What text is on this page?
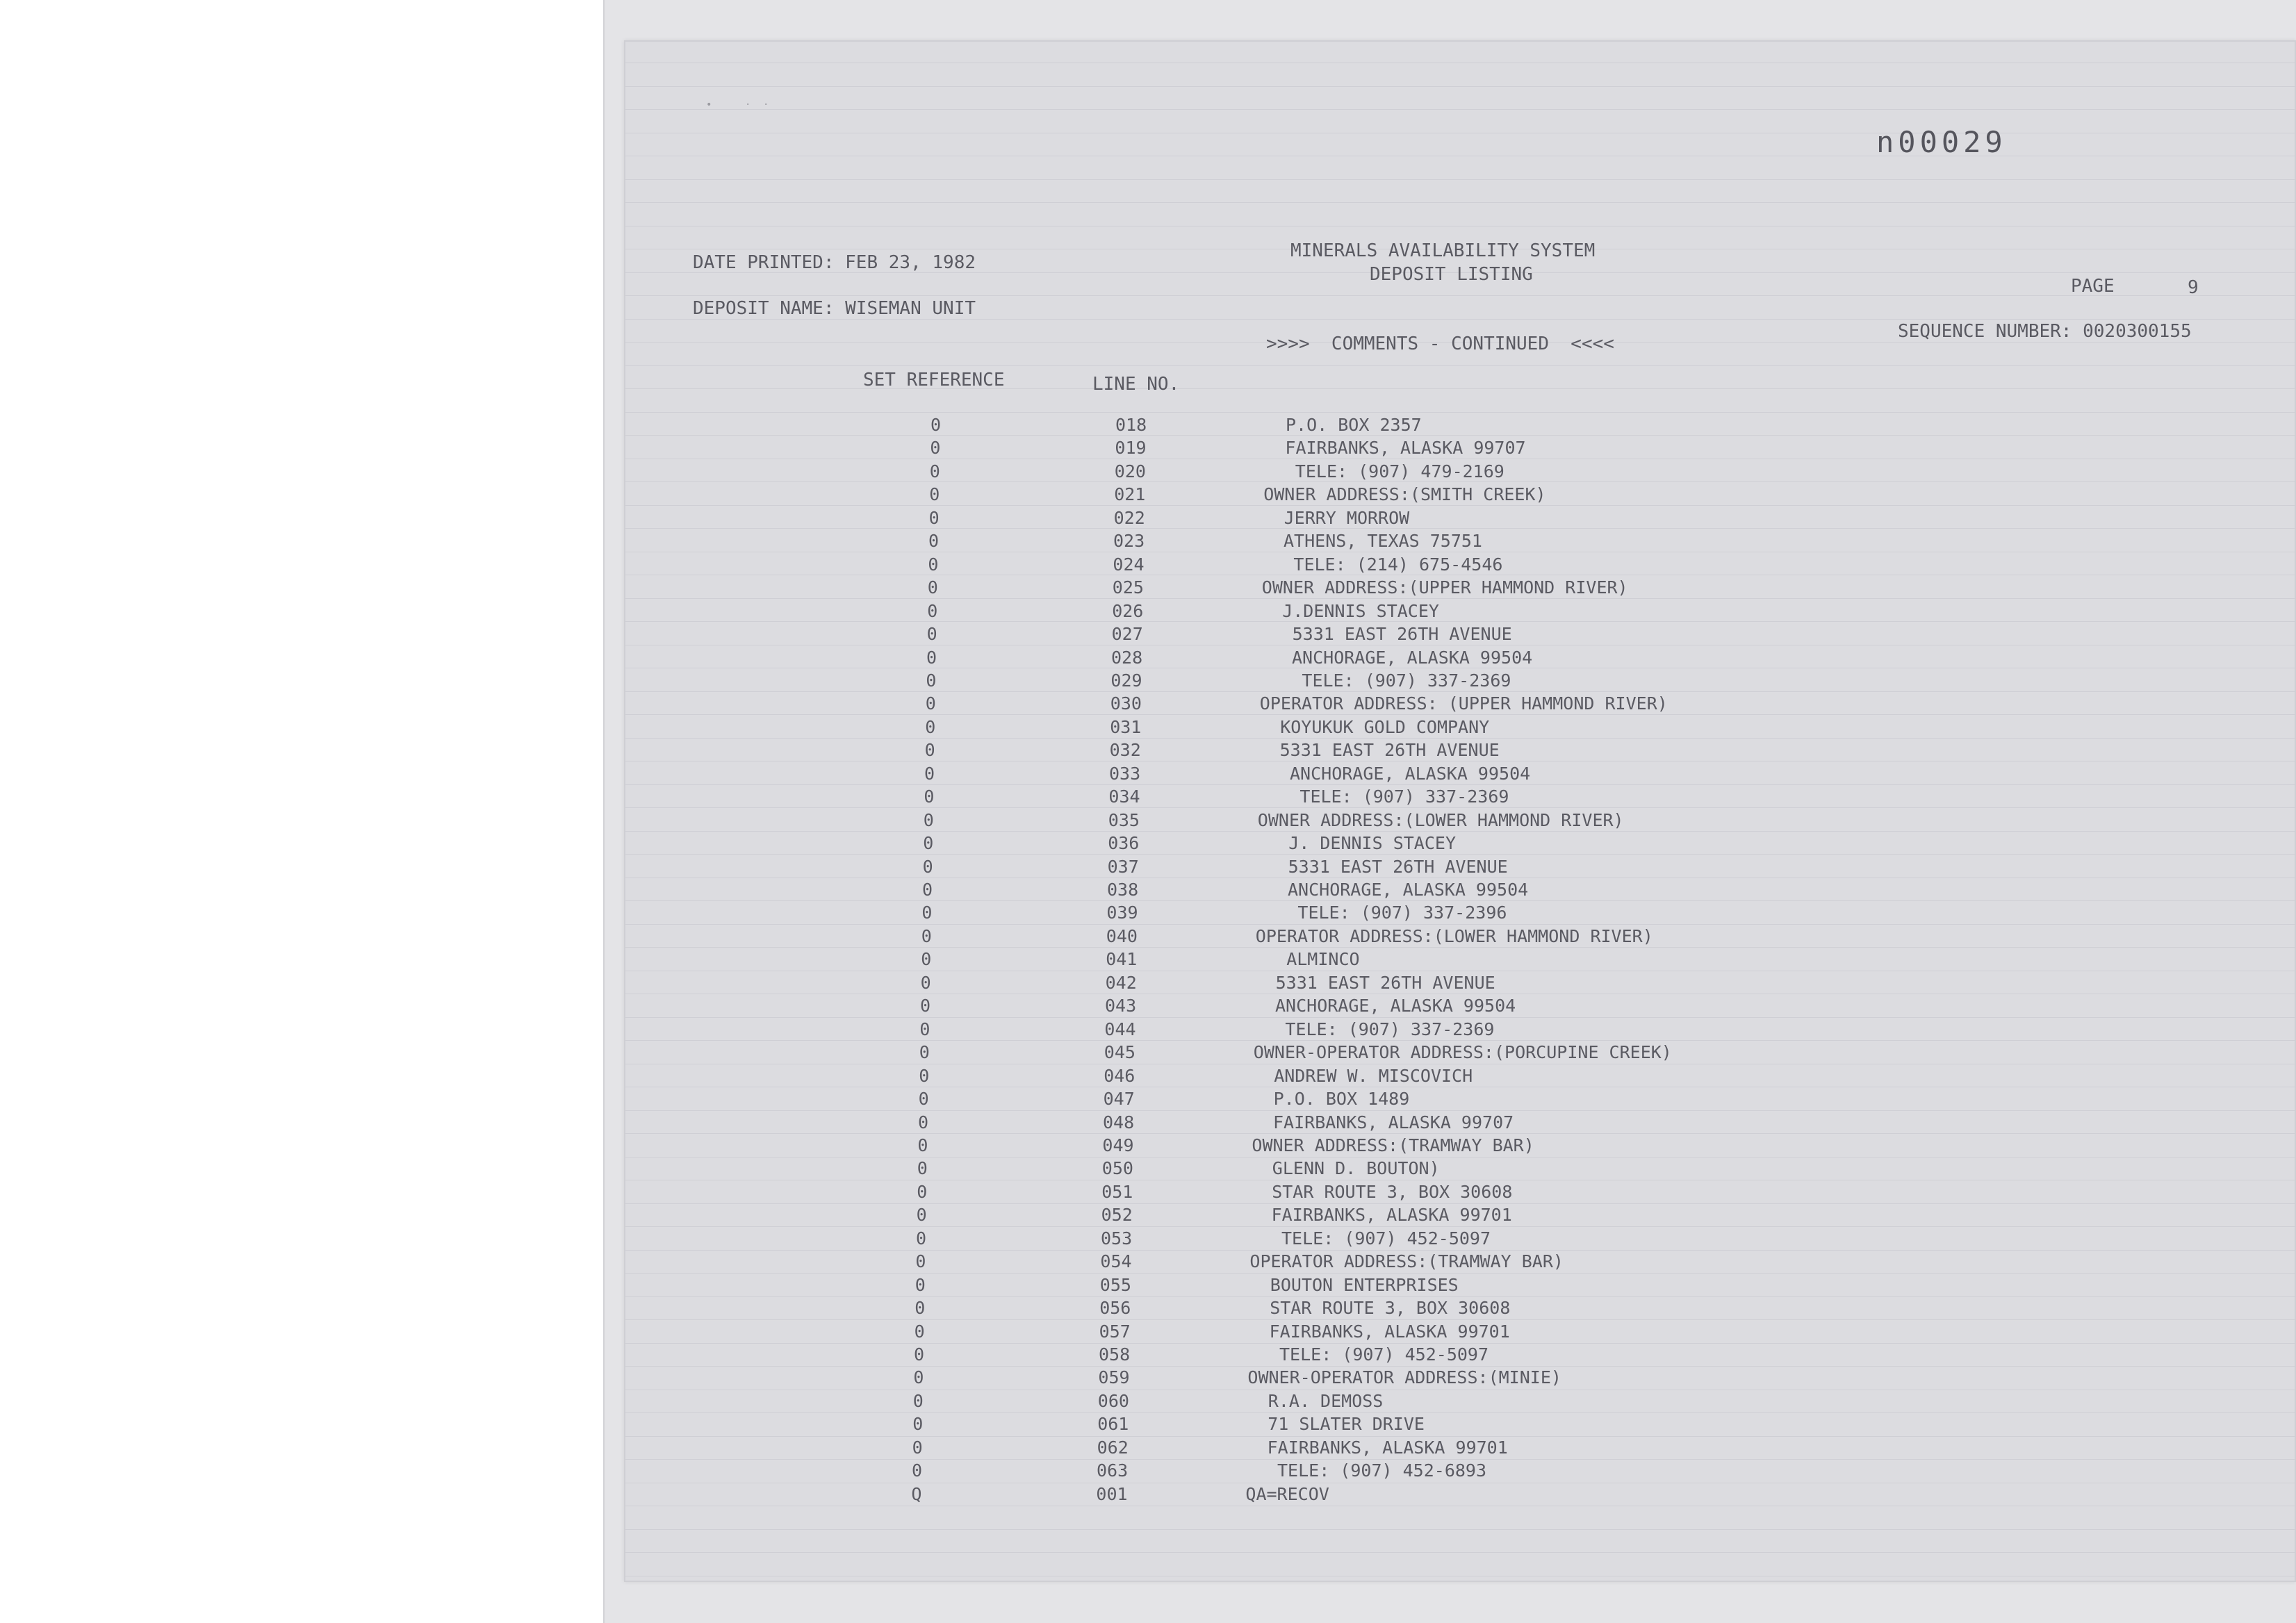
•	· ·
n00029
DATE PRINTED: FEB 23, 1982
DEPOSIT NAME: WISEMAN UNIT
MINERALS AVAILABILITY SYSTEM
DEPOSIT LISTING
>>>>  COMMENTS - CONTINUED  <<<<
PAGE	9
SEQUENCE NUMBER: 0020300155
SET REFERENCE	LINE NO.
0	018	P.O. BOX 2357
0	019	FAIRBANKS, ALASKA 99707
0	020	TELE: (907) 479-2169
0	021	OWNER ADDRESS:(SMITH CREEK)
0	022	JERRY MORROW
0	023	ATHENS, TEXAS 75751
0	024	TELE: (214) 675-4546
0	025	OWNER ADDRESS:(UPPER HAMMOND RIVER)
0	026	J.DENNIS STACEY
0	027	5331 EAST 26TH AVENUE
0	028	ANCHORAGE, ALASKA 99504
0	029	TELE: (907) 337-2369
0	030	OPERATOR ADDRESS: (UPPER HAMMOND RIVER)
0	031	KOYUKUK GOLD COMPANY
0	032	5331 EAST 26TH AVENUE
0	033	ANCHORAGE, ALASKA 99504
0	034	TELE: (907) 337-2369
0	035	OWNER ADDRESS:(LOWER HAMMOND RIVER)
0	036	J. DENNIS STACEY
0	037	5331 EAST 26TH AVENUE
0	038	ANCHORAGE, ALASKA 99504
0	039	TELE: (907) 337-2396
0	040	OPERATOR ADDRESS:(LOWER HAMMOND RIVER)
0	041	ALMINCO
0	042	5331 EAST 26TH AVENUE
0	043	ANCHORAGE, ALASKA 99504
0	044	TELE: (907) 337-2369
0	045	OWNER-OPERATOR ADDRESS:(PORCUPINE CREEK)
0	046	ANDREW W. MISCOVICH
0	047	P.O. BOX 1489
0	048	FAIRBANKS, ALASKA 99707
0	049	OWNER ADDRESS:(TRAMWAY BAR)
0	050	GLENN D. BOUTON)
0	051	STAR ROUTE 3, BOX 30608
0	052	FAIRBANKS, ALASKA 99701
0	053	TELE: (907) 452-5097
0	054	OPERATOR ADDRESS:(TRAMWAY BAR)
0	055	BOUTON ENTERPRISES
0	056	STAR ROUTE 3, BOX 30608
0	057	FAIRBANKS, ALASKA 99701
0	058	TELE: (907) 452-5097
0	059	OWNER-OPERATOR ADDRESS:(MINIE)
0	060	R.A. DEMOSS
0	061	71 SLATER DRIVE
0	062	FAIRBANKS, ALASKA 99701
0	063	TELE: (907) 452-6893
Q	001	QA=RECOV
